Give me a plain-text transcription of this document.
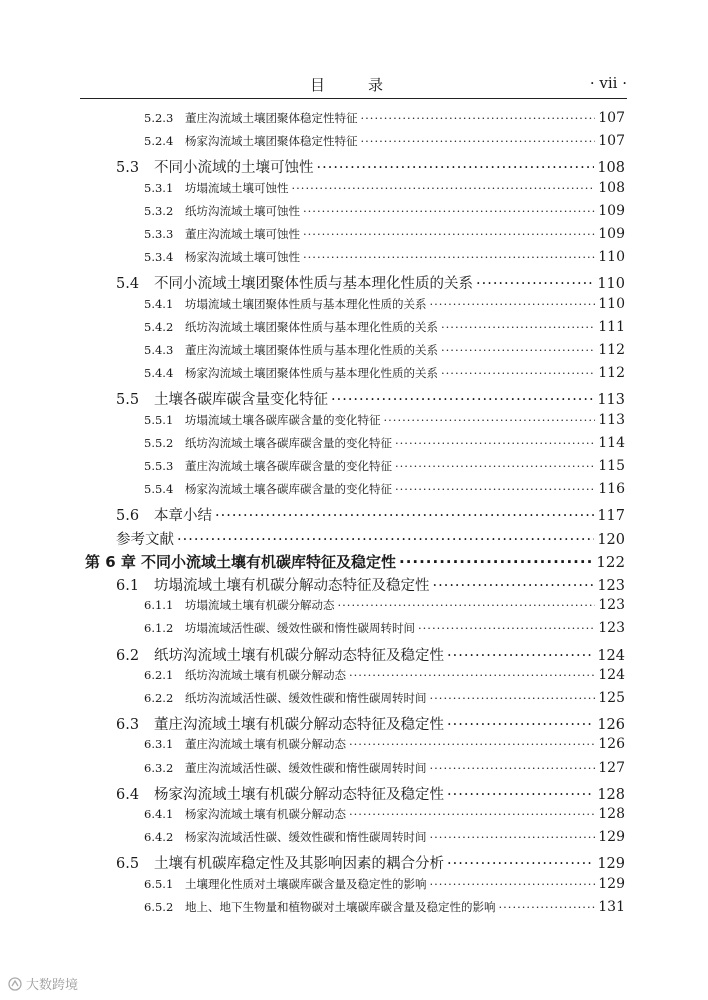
目　录	· vii ·
5.2.3	董庄沟流域土壤团聚体稳定性特征 ·····	107
5.2.4	杨家沟流域土壤团聚体稳定性特征 ·····	107
5.3	不同小流域的土壤可蚀性 ·····	108
5.3.1	坊塌流域土壤可蚀性 ·····	108
5.3.2	纸坊沟流域土壤可蚀性 ·····	109
5.3.3	董庄沟流域土壤可蚀性 ·····	109
5.3.4	杨家沟流域土壤可蚀性 ·····	110
5.4	不同小流域土壤团聚体性质与基本理化性质的关系 ·····	110
5.4.1	坊塌流域土壤团聚体性质与基本理化性质的关系 ·····	110
5.4.2	纸坊沟流域土壤团聚体性质与基本理化性质的关系 ·····	111
5.4.3	董庄沟流域土壤团聚体性质与基本理化性质的关系 ·····	112
5.4.4	杨家沟流域土壤团聚体性质与基本理化性质的关系 ·····	112
5.5	土壤各碳库碳含量变化特征 ·····	113
5.5.1	坊塌流域土壤各碳库碳含量的变化特征 ·····	113
5.5.2	纸坊沟流域土壤各碳库碳含量的变化特征 ·····	114
5.5.3	董庄沟流域土壤各碳库碳含量的变化特征 ·····	115
5.5.4	杨家沟流域土壤各碳库碳含量的变化特征 ·····	116
5.6	本章小结 ·····	117
参考文献 ·····	120
第 6 章 不同小流域土壤有机碳库特征及稳定性 ·····	122
6.1	坊塌流域土壤有机碳分解动态特征及稳定性 ·····	123
6.1.1	坊塌流域土壤有机碳分解动态 ·····	123
6.1.2	坊塌流域活性碳、缓效性碳和惰性碳周转时间 ·····	123
6.2	纸坊沟流域土壤有机碳分解动态特征及稳定性 ·····	124
6.2.1	纸坊沟流域土壤有机碳分解动态 ·····	124
6.2.2	纸坊沟流域活性碳、缓效性碳和惰性碳周转时间 ·····	125
6.3	董庄沟流域土壤有机碳分解动态特征及稳定性 ·····	126
6.3.1	董庄沟流域土壤有机碳分解动态 ·····	126
6.3.2	董庄沟流域活性碳、缓效性碳和惰性碳周转时间 ·····	127
6.4	杨家沟流域土壤有机碳分解动态特征及稳定性 ·····	128
6.4.1	杨家沟流域土壤有机碳分解动态 ·····	128
6.4.2	杨家沟流域活性碳、缓效性碳和惰性碳周转时间 ·····	129
6.5	土壤有机碳库稳定性及其影响因素的耦合分析 ·····	129
6.5.1	土壤理化性质对土壤碳库碳含量及稳定性的影响 ·····	129
6.5.2	地上、地下生物量和植物碳对土壤碳库碳含量及稳定性的影响 ·····	131
大数跨境
